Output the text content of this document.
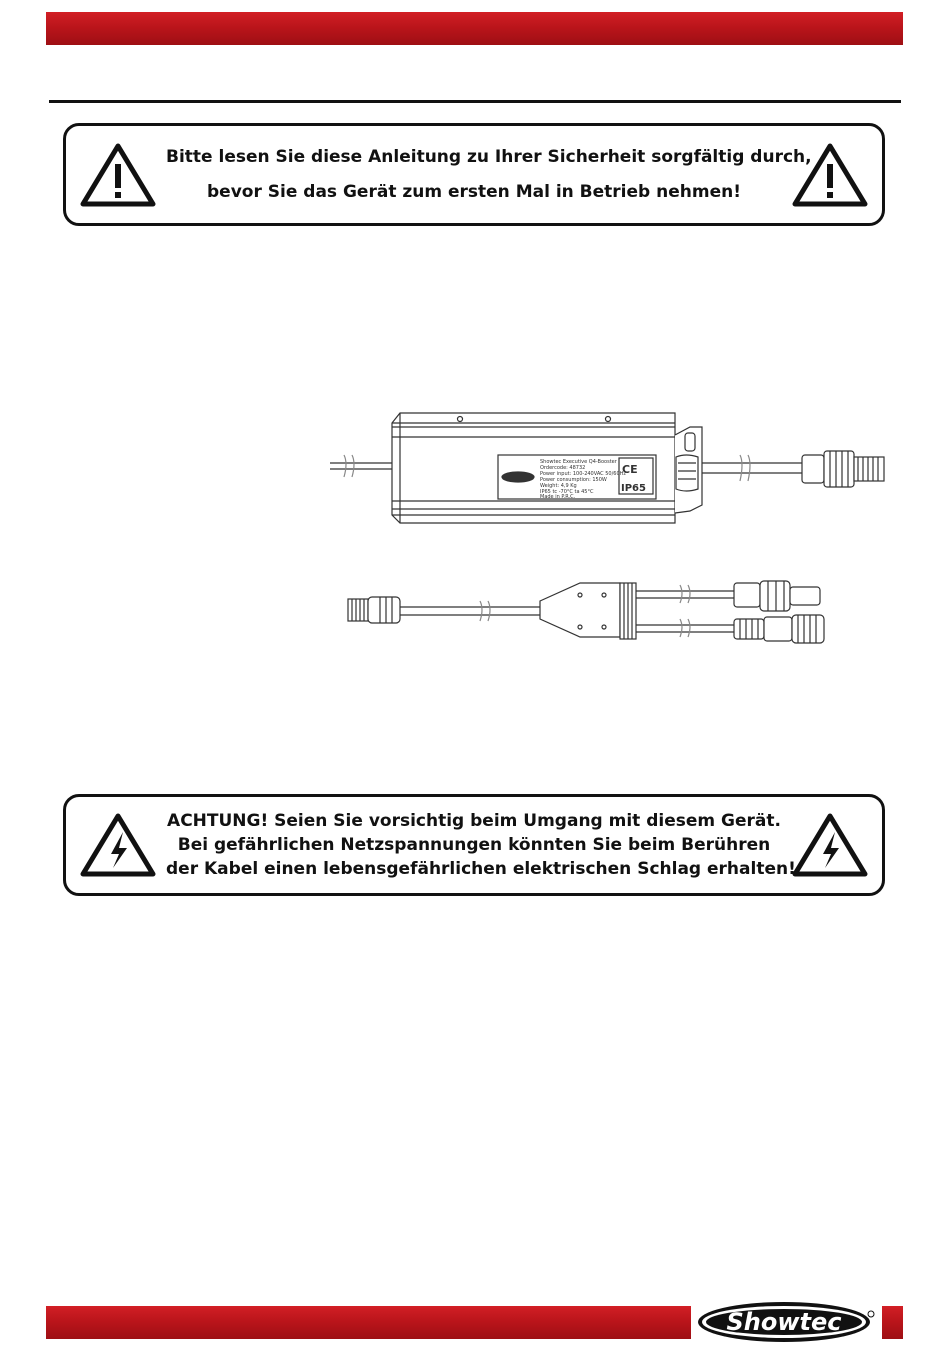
Bitte lesen Sie diese Anleitung zu Ihrer Sicherheit sorgfältig durch,
bevor Sie das Gerät zum ersten Mal in Betrieb nehmen!
Showtec Executive Q4-Booster
Ordercode: 48732
Power input: 100-240VAC 50/60Hz
Power consumption: 150W
Weight: 4,9 Kg
IP65 tc -70°C ta 45°C
Made in P.R.C.
CE
IP65
ACHTUNG! Seien Sie vorsichtig beim Umgang mit diesem Gerät.
Bei gefährlichen Netzspannungen könnten Sie beim Berühren
der Kabel einen lebensgefährlichen elektrischen Schlag erhalten!
Showtec
